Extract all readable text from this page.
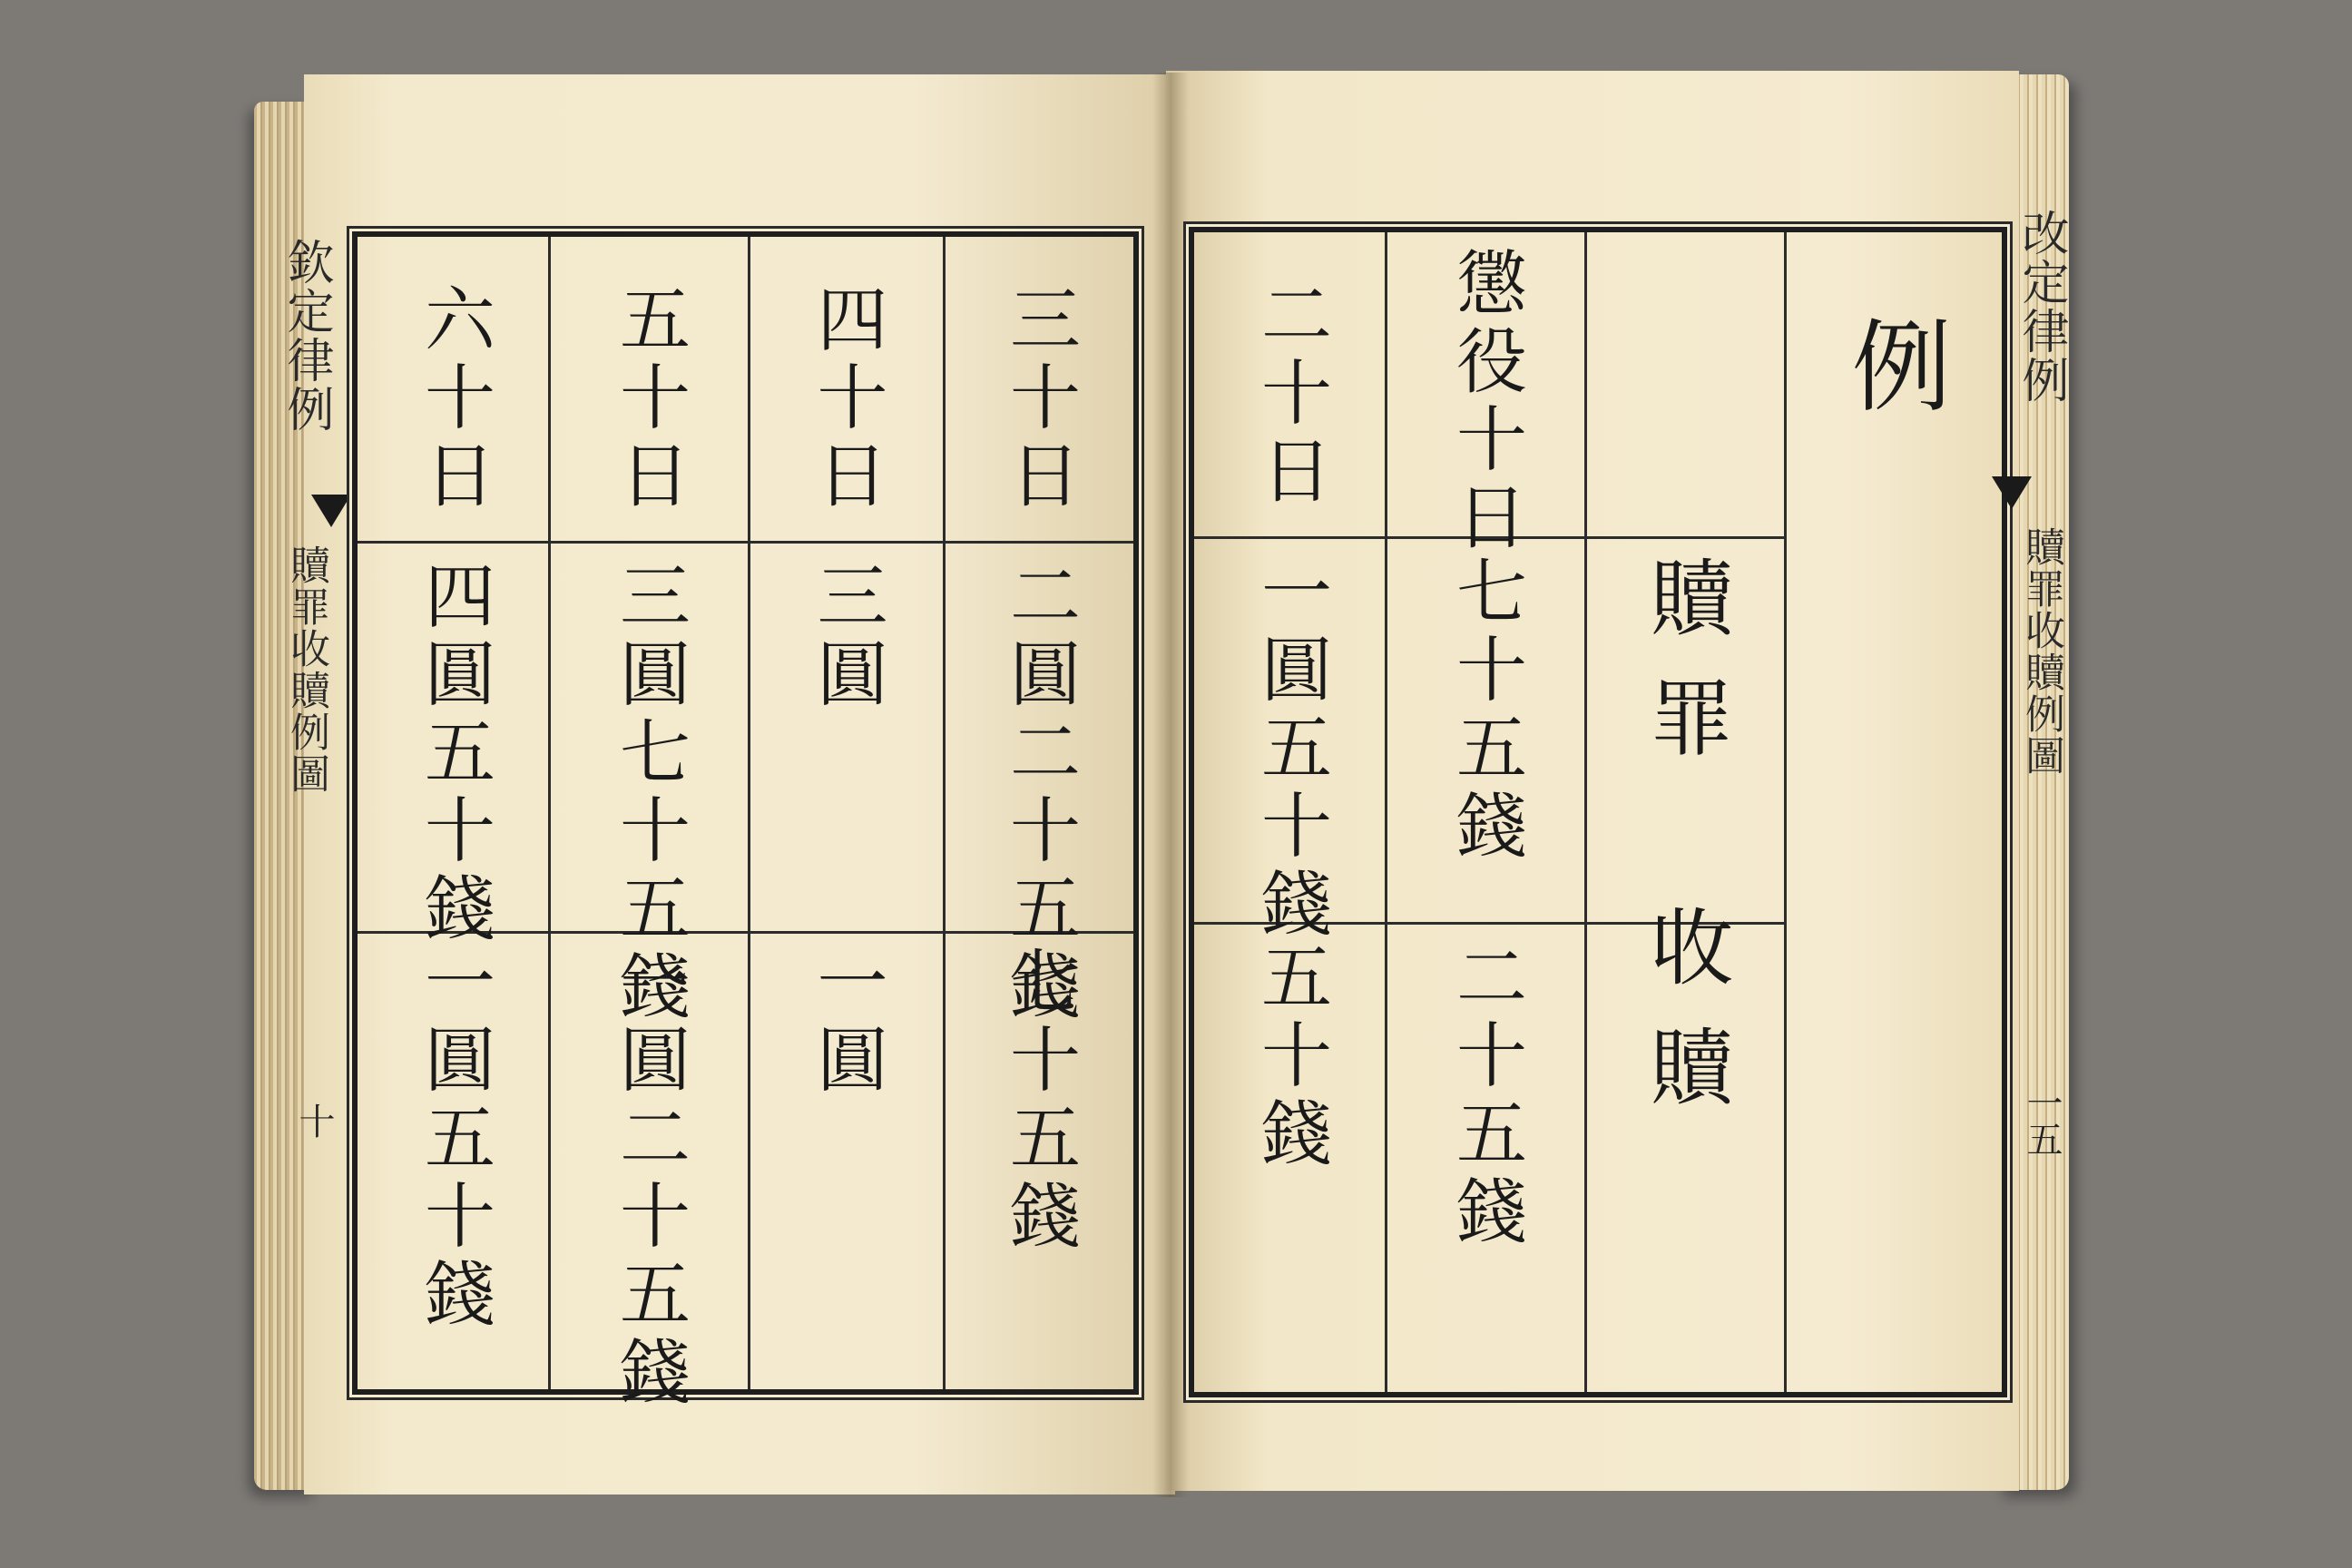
欽定律例
贖罪收贖例圖
十
三十日
四十日
五十日
六十日
二圓二十五錢
三圓
三圓七十五錢
四圓五十錢
七十五錢
一圓
一圓二十五錢
一圓五十錢
例
贖罪
收贖
懲役十日
七十五錢
二十五錢
二十日
一圓五十錢
五十錢
改定律例
贖罪收贖例圖
一五
